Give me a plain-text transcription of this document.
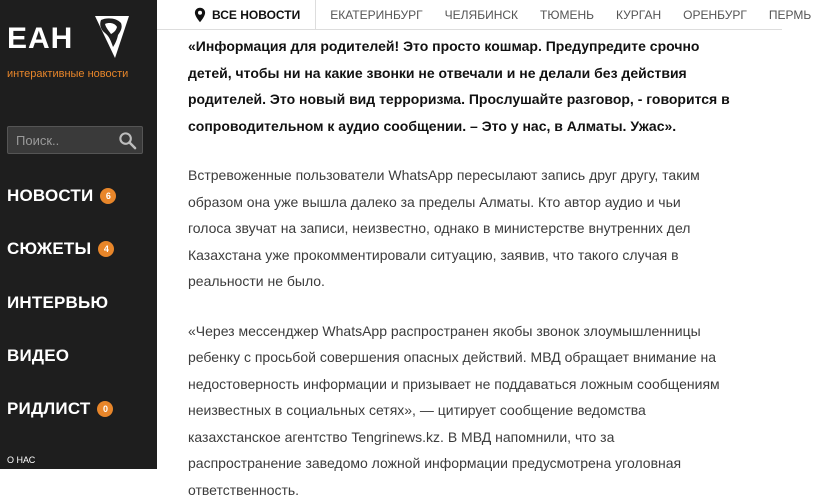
ЕАН
интерактивные новости
Поиск..
НОВОСТИ	6
СЮЖЕТЫ	4
ИНТЕРВЬЮ
ВИДЕО
РИДЛИСТ	0
О НАС
ВСЕ НОВОСТИ	ЕКАТЕРИНБУРГ ЧЕЛЯБИНСК ТЮМЕНЬ КУРГАН ОРЕНБУРГ ПЕРМЬ
«Информация для родителей! Это просто кошмар. Предупредите срочно
детей, чтобы ни на какие звонки не отвечали и не делали без действия
родителей. Это новый вид терроризма. Прослушайте разговор, - говорится в
сопроводительном к аудио сообщении. – Это у нас, в Алматы. Ужас».
Встревоженные пользователи WhatsApp пересылают запись друг другу, таким
образом она уже вышла далеко за пределы Алматы. Кто автор аудио и чьи
голоса звучат на записи, неизвестно, однако в министерстве внутренних дел
Казахстана уже прокомментировали ситуацию, заявив, что такого случая в
реальности не было.
«Через мессенджер WhatsApp распространен якобы звонок злоумышленницы
ребенку с просьбой совершения опасных действий. МВД обращает внимание на
недостоверность информации и призывает не поддаваться ложным сообщениям
неизвестных в социальных сетях», — цитирует сообщение ведомства
казахстанское агентство Tengrinews.kz. В МВД напомнили, что за
распространение заведомо ложной информации предусмотрена уголовная
ответственность.
